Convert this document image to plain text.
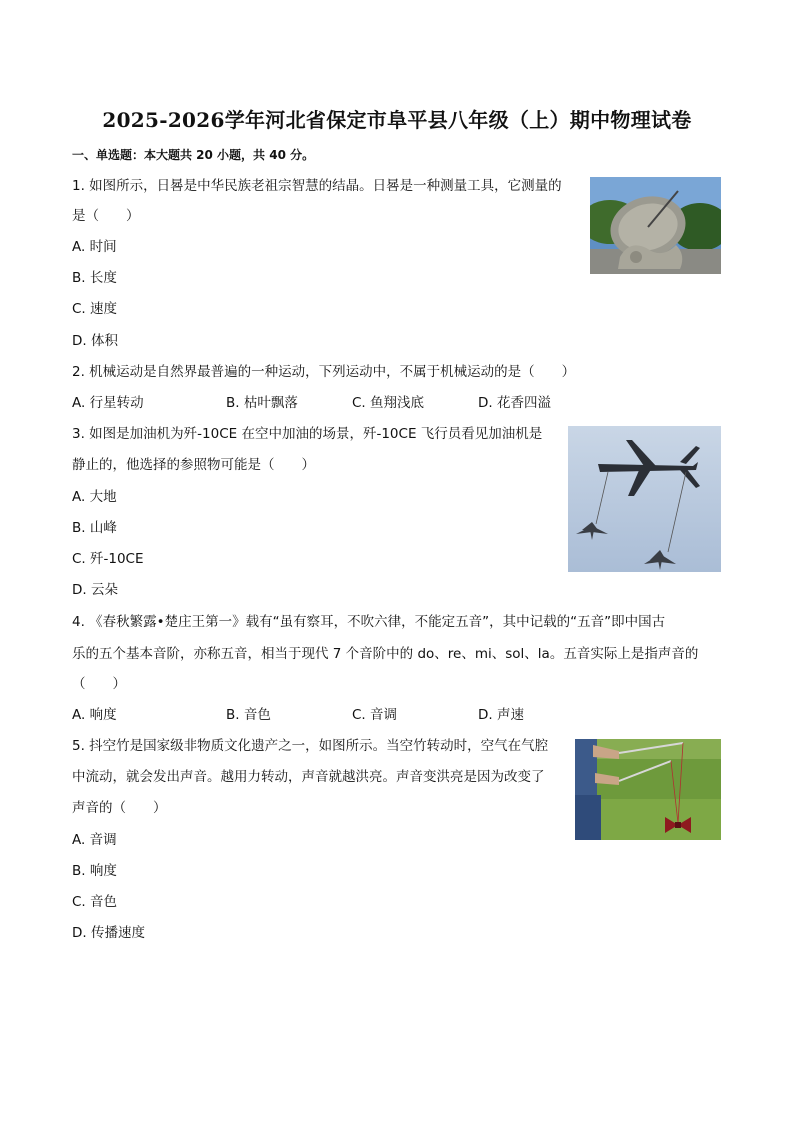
2025-2026学年河北省保定市阜平县八年级（上）期中物理试卷
一、单选题：本大题共 20 小题，共 40 分。
1. 如图所示，日晷是中华民族老祖宗智慧的结晶。日晷是一种测量工具，它测量的
是（　　）
A. 时间
B. 长度
C. 速度
D. 体积
2. 机械运动是自然界最普遍的一种运动，下列运动中，不属于机械运动的是（　　）
A. 行星转动	B. 枯叶飘落	C. 鱼翔浅底	D. 花香四溢
3. 如图是加油机为歼-10CE 在空中加油的场景，歼-10CE 飞行员看见加油机是
静止的，他选择的参照物可能是（　　）
A. 大地
B. 山峰
C. 歼-10CE
D. 云朵
4. 《春秋繁露•楚庄王第一》载有“虽有察耳，不吹六律，不能定五音”，其中记载的“五音”即中国古
乐的五个基本音阶，亦称五音，相当于现代 7 个音阶中的 do、re、mi、sol、la。五音实际上是指声音的
（　　）
A. 响度	B. 音色	C. 音调	D. 声速
5. 抖空竹是国家级非物质文化遗产之一，如图所示。当空竹转动时，空气在气腔
中流动，就会发出声音。越用力转动，声音就越洪亮。声音变洪亮是因为改变了
声音的（　　）
A. 音调
B. 响度
C. 音色
D. 传播速度
